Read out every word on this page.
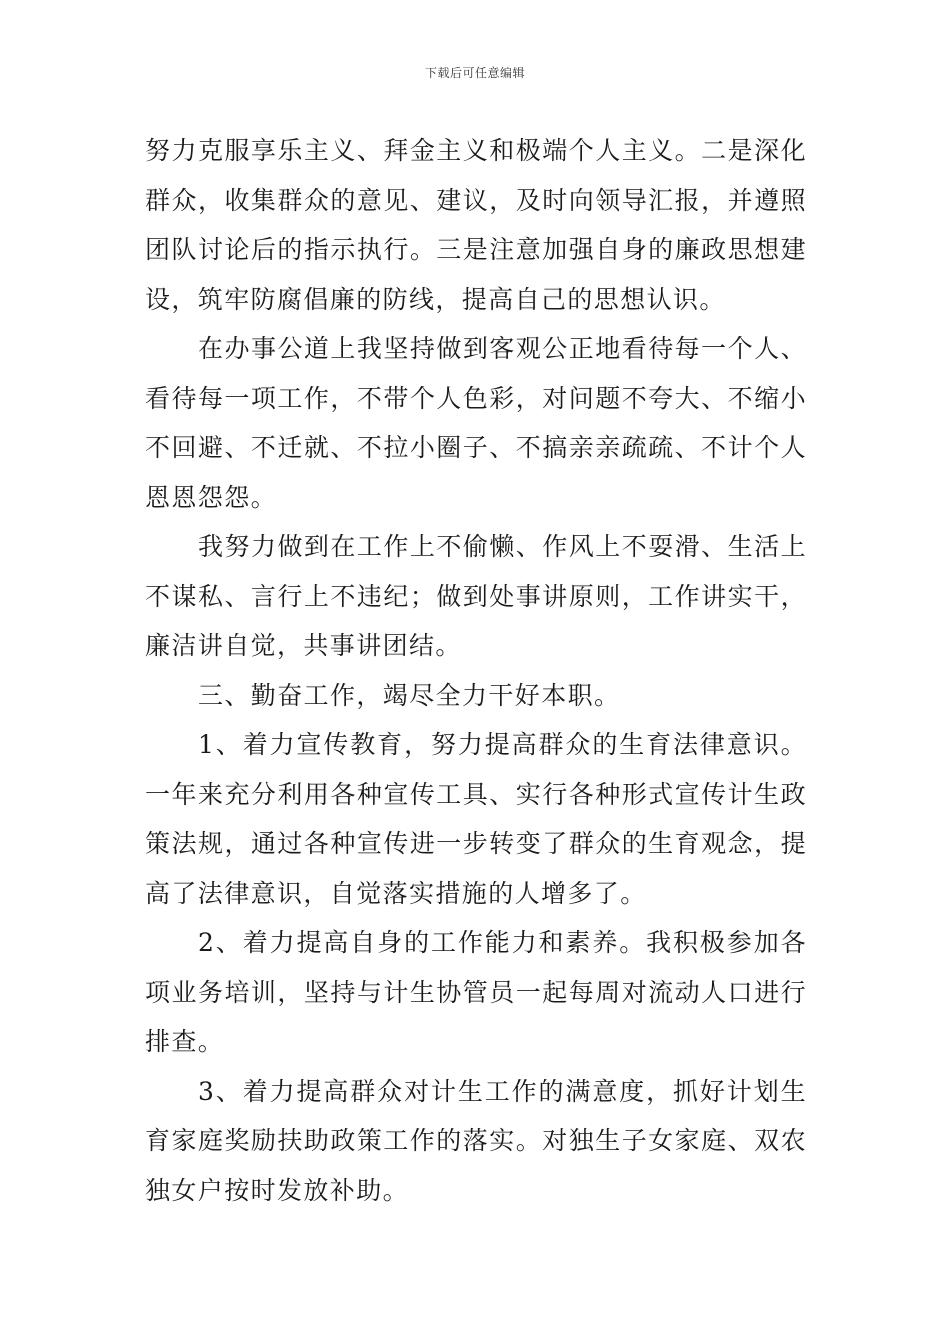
下载后可任意编辑

努力克服享乐主义、拜金主义和极端个人主义。二是深化群众，收集群众的意见、建议，及时向领导汇报，并遵照团队讨论后的指示执行。三是注意加强自身的廉政思想建设，筑牢防腐倡廉的防线，提高自己的思想认识。

在办事公道上我坚持做到客观公正地看待每一个人、看待每一项工作，不带个人色彩，对问题不夸大、不缩小不回避、不迁就、不拉小圈子、不搞亲亲疏疏、不计个人恩恩怨怨。

我努力做到在工作上不偷懒、作风上不耍滑、生活上不谋私、言行上不违纪；做到处事讲原则，工作讲实干，廉洁讲自觉，共事讲团结。

三、勤奋工作，竭尽全力干好本职。

1、着力宣传教育，努力提高群众的生育法律意识。一年来充分利用各种宣传工具、实行各种形式宣传计生政策法规，通过各种宣传进一步转变了群众的生育观念，提高了法律意识，自觉落实措施的人增多了。

2、着力提高自身的工作能力和素养。我积极参加各项业务培训，坚持与计生协管员一起每周对流动人口进行排查。

3、着力提高群众对计生工作的满意度，抓好计划生育家庭奖励扶助政策工作的落实。对独生子女家庭、双农独女户按时发放补助。
